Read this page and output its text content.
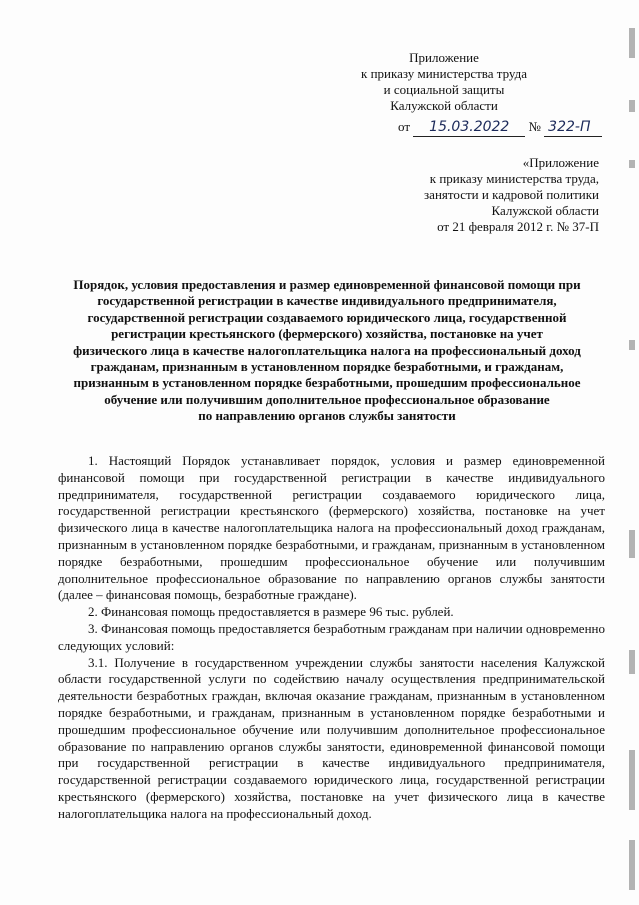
Приложение
к приказу министерства труда
и социальной защиты
Калужской области
от 15.03.2022 № 322-П
«Приложение
к приказу министерства труда,
занятости и кадровой политики
Калужской области
от 21 февраля 2012 г. № 37-П
Порядок, условия предоставления и размер единовременной финансовой помощи при
государственной регистрации в качестве индивидуального предпринимателя,
государственной регистрации создаваемого юридического лица, государственной
регистрации крестьянского (фермерского) хозяйства, постановке на учет
физического лица в качестве налогоплательщика налога на профессиональный доход
гражданам, признанным в установленном порядке безработными, и гражданам,
признанным в установленном порядке безработными, прошедшим профессиональное
обучение или получившим дополнительное профессиональное образование
по направлению органов службы занятости

1. Настоящий Порядок устанавливает порядок, условия и размер единовременной финансовой помощи при государственной регистрации в качестве индивидуального предпринимателя, государственной регистрации создаваемого юридического лица, государственной регистрации крестьянского (фермерского) хозяйства, постановке на учет физического лица в качестве налогоплательщика налога на профессиональный доход гражданам, признанным в установленном порядке безработными, и гражданам, признанным в установленном порядке безработными, прошедшим профессиональное обучение или получившим дополнительное профессиональное образование по направлению органов службы занятости (далее – финансовая помощь, безработные граждане).

2. Финансовая помощь предоставляется в размере 96 тыс. рублей.

3. Финансовая помощь предоставляется безработным гражданам при наличии одновременно следующих условий:

3.1. Получение в государственном учреждении службы занятости населения Калужской области государственной услуги по содействию началу осуществления предпринимательской деятельности безработных граждан, включая оказание гражданам, признанным в установленном порядке безработными, и гражданам, признанным в установленном порядке безработными и прошедшим профессиональное обучение или получившим дополнительное профессиональное образование по направлению органов службы занятости, единовременной финансовой помощи при государственной регистрации в качестве индивидуального предпринимателя, государственной регистрации создаваемого юридического лица, государственной регистрации крестьянского (фермерского) хозяйства, постановке на учет физического лица в качестве налогоплательщика налога на профессиональный доход.
